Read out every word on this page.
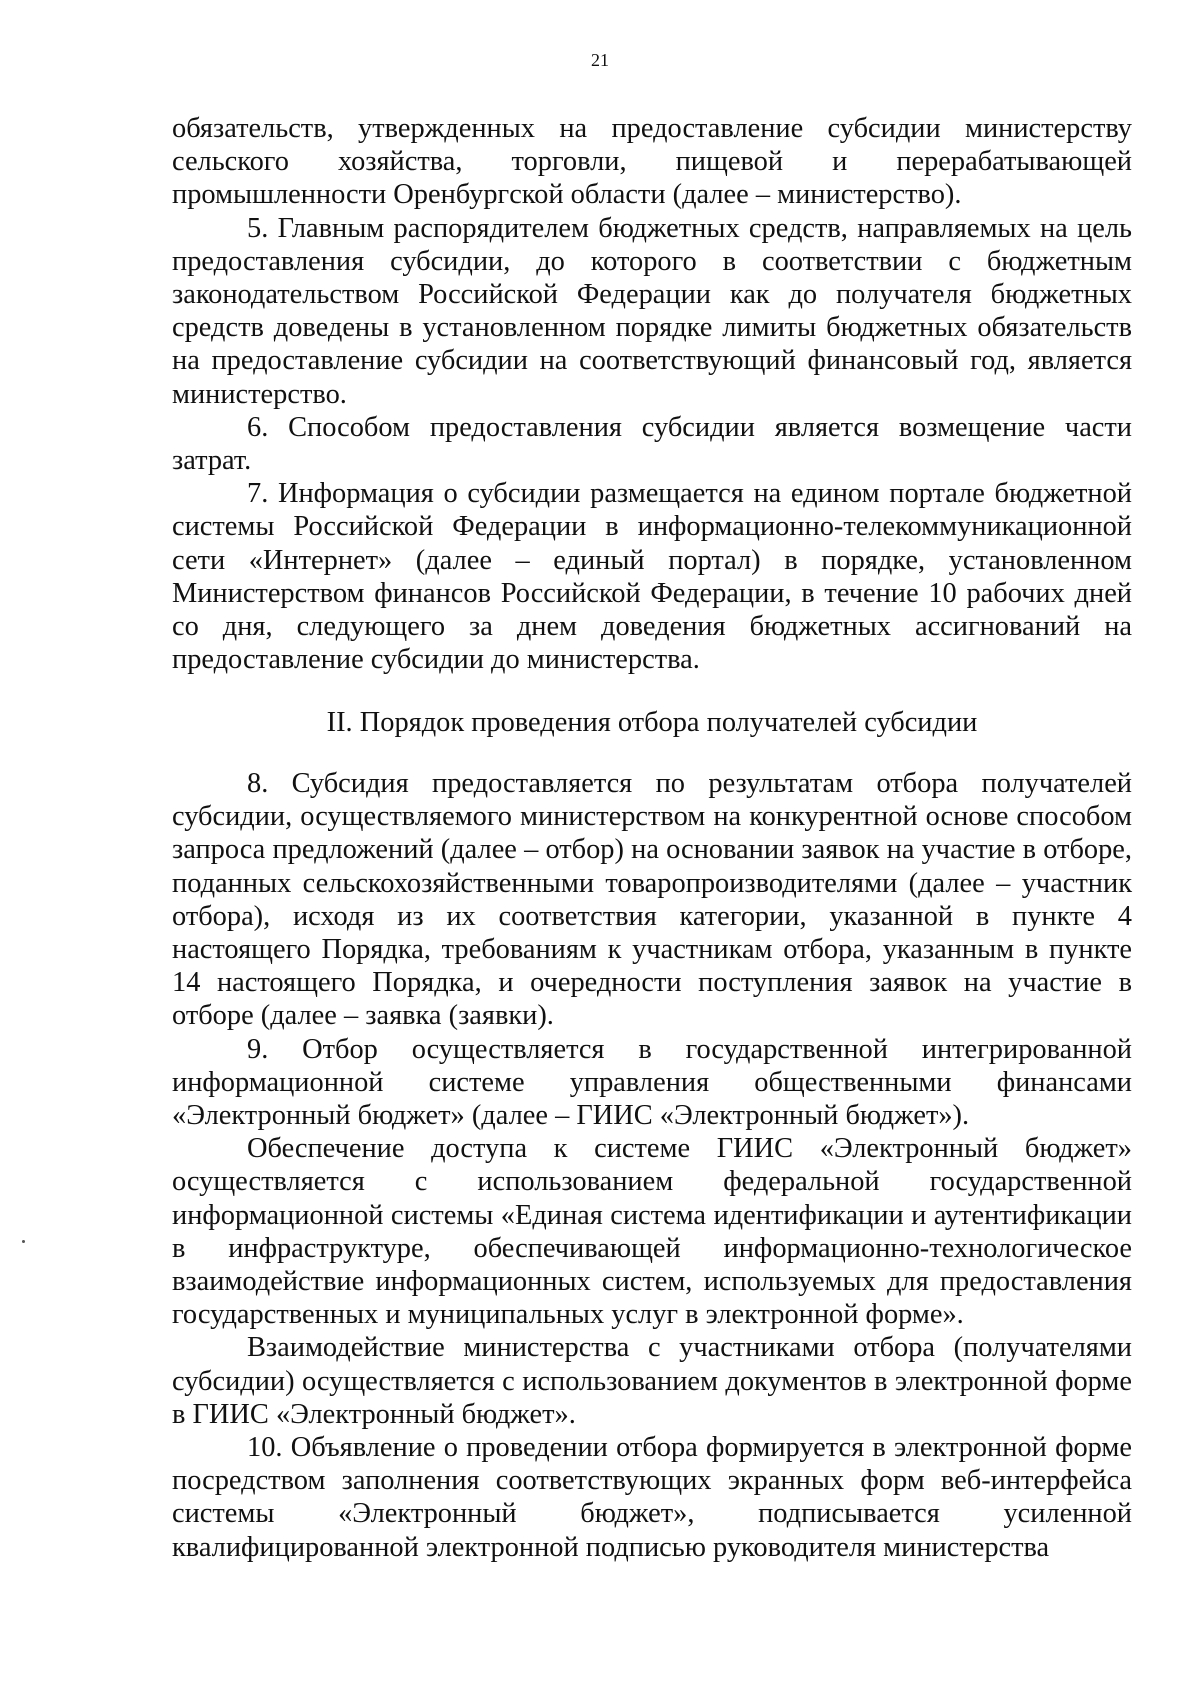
21

обязательств, утвержденных на предоставление субсидии министерству сельского хозяйства, торговли, пищевой и перерабатывающей промышленности Оренбургской области (далее – министерство).

5. Главным распорядителем бюджетных средств, направляемых на цель предоставления субсидии, до которого в соответствии с бюджетным законодательством Российской Федерации как до получателя бюджетных средств доведены в установленном порядке лимиты бюджетных обязательств на предоставление субсидии на соответствующий финансовый год, является министерство.

6. Способом предоставления субсидии является возмещение части затрат.

7. Информация о субсидии размещается на едином портале бюджетной системы Российской Федерации в информационно-телекоммуникационной сети «Интернет» (далее – единый портал) в порядке, установленном Министерством финансов Российской Федерации, в течение 10 рабочих дней со дня, следующего за днем доведения бюджетных ассигнований на предоставление субсидии до министерства.

II. Порядок проведения отбора получателей субсидии

8. Субсидия предоставляется по результатам отбора получателей субсидии, осуществляемого министерством на конкурентной основе способом запроса предложений (далее – отбор) на основании заявок на участие в отборе, поданных сельскохозяйственными товаропроизводителями (далее – участник отбора), исходя из их соответствия категории, указанной в пункте 4 настоящего Порядка, требованиям к участникам отбора, указанным в пункте 14 настоящего Порядка, и очередности поступления заявок на участие в отборе (далее – заявка (заявки).

9. Отбор осуществляется в государственной интегрированной информационной системе управления общественными финансами «Электронный бюджет» (далее – ГИИС «Электронный бюджет»).

Обеспечение доступа к системе ГИИС «Электронный бюджет» осуществляется с использованием федеральной государственной информационной системы «Единая система идентификации и аутентификации в инфраструктуре, обеспечивающей информационно-технологическое взаимодействие информационных систем, используемых для предоставления государственных и муниципальных услуг в электронной форме».

Взаимодействие министерства с участниками отбора (получателями субсидии) осуществляется с использованием документов в электронной форме в ГИИС «Электронный бюджет».

10. Объявление о проведении отбора формируется в электронной форме посредством заполнения соответствующих экранных форм веб-интерфейса системы «Электронный бюджет», подписывается усиленной квалифицированной электронной подписью руководителя министерства
